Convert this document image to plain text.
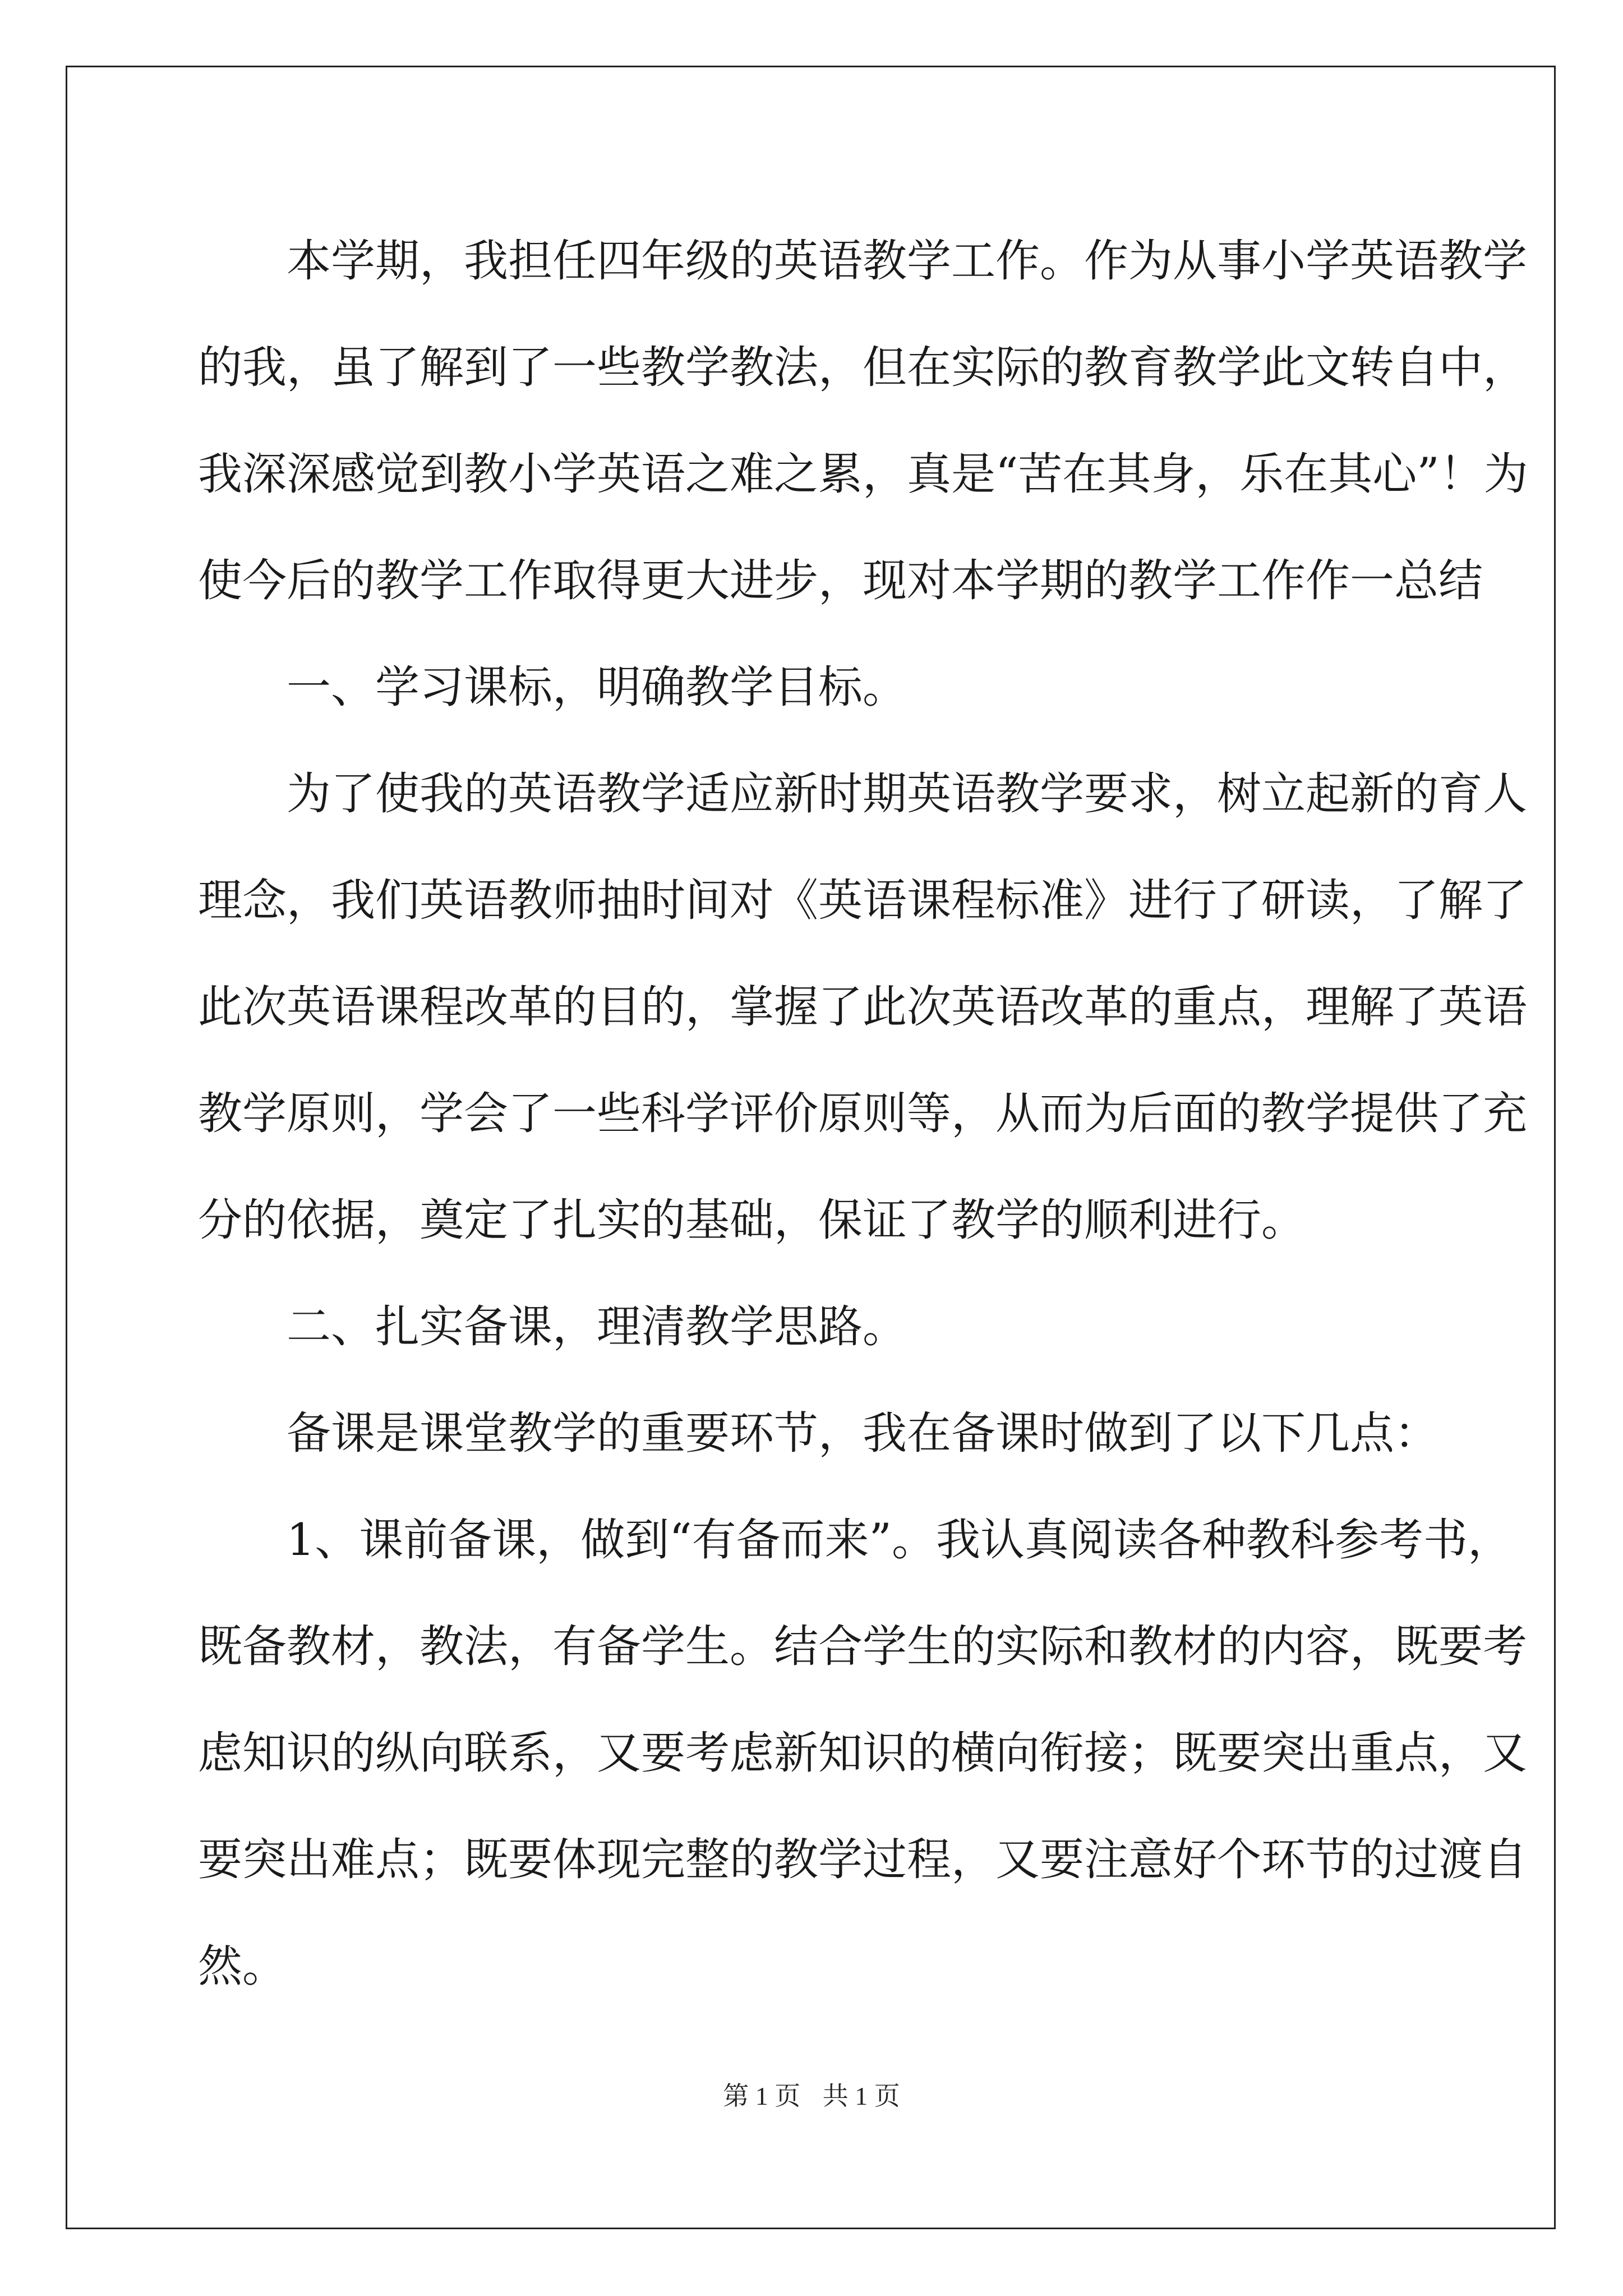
本学期，我担任四年级的英语教学工作。作为从事小学英语教学

的我，虽了解到了一些教学教法，但在实际的教育教学此文转自中，

我深深感觉到教小学英语之难之累，真是“苦在其身，乐在其心”！为

使今后的教学工作取得更大进步，现对本学期的教学工作作一总结

一、学习课标，明确教学目标。

为了使我的英语教学适应新时期英语教学要求，树立起新的育人

理念，我们英语教师抽时间对《英语课程标准》进行了研读，了解了

此次英语课程改革的目的，掌握了此次英语改革的重点，理解了英语

教学原则，学会了一些科学评价原则等，从而为后面的教学提供了充

分的依据，奠定了扎实的基础，保证了教学的顺利进行。

二、扎实备课，理清教学思路。

备课是课堂教学的重要环节，我在备课时做到了以下几点：

1、课前备课，做到“有备而来”。我认真阅读各种教科参考书，

既备教材，教法，有备学生。结合学生的实际和教材的内容，既要考

虑知识的纵向联系，又要考虑新知识的横向衔接；既要突出重点，又

要突出难点；既要体现完整的教学过程，又要注意好个环节的过渡自

然。

第 1 页 共 1 页
